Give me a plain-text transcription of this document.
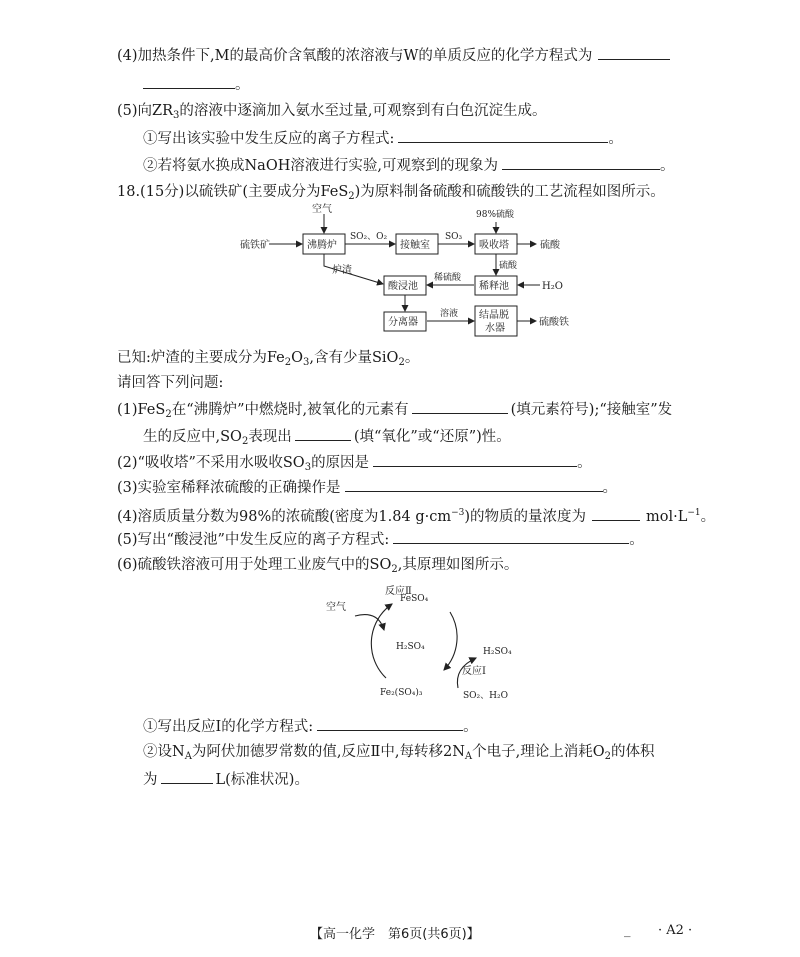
(4)加热条件下,M的最高价含氧酸的浓溶液与W的单质反应的化学方程式为
。
(5)向$ZR_3$的溶液中逐滴加入氨水至过量,可观察到有白色沉淀生成。
①写出该实验中发生反应的离子方程式:	。
②若将氨水换成NaOH溶液进行实验,可观察到的现象为	。
18.(15分)以硫铁矿(主要成分为FeS$_2$)为原料制备硫酸和硫酸铁的工艺流程如图所示。
空气
硫铁矿	沸腾炉
SO₂、O₂
接触室
SO₃
98%硫酸
吸收塔	硫酸
炉渣	硫酸
酸浸池
稀硫酸
稀释池	H₂O
分离器
溶液 结晶脱
水器
硫酸铁
已知:炉渣的主要成分为$Fe_2O_3$,含有少量SiO$_2$。
请回答下列问题:
(1)FeS$_2$在“沸腾炉”中燃烧时,被氧化的元素有	(填元素符号);“接触室”发
生的反应中$,SO_2$表现出	(填“氧化”或“还原”)性。
(2)“吸收塔”不采用水吸收$SO_3$的原因是	。
(3)实验室稀释浓硫酸的正确操作是	。
(4)溶质质量分数为98%的浓硫酸(密度为1.84 $g\cdot cm^{-3}$)的物质的量浓度为	$mol\cdot L^{-1}$。
(5)写出“酸浸池”中发生反应的离子方程式:	。
(6)硫酸铁溶液可用于处理工业废气中的$SO_2$,其原理如图所示。
空气
反应Ⅱ
FeSO₄
H₂SO₄	H₂SO₄
反应Ⅰ
Fe₂(SO₄)₃	SO₂、H₂O
①写出反应Ⅰ的化学方程式:	。
②设$N_A$为阿伏加德罗常数的值,反应Ⅱ中,每转移$2N_A$个电子,理论上消耗$O_2$的体积
为	L(标准状况)。
【高一化学　第6页(共6页)】	_ · A2 ·
